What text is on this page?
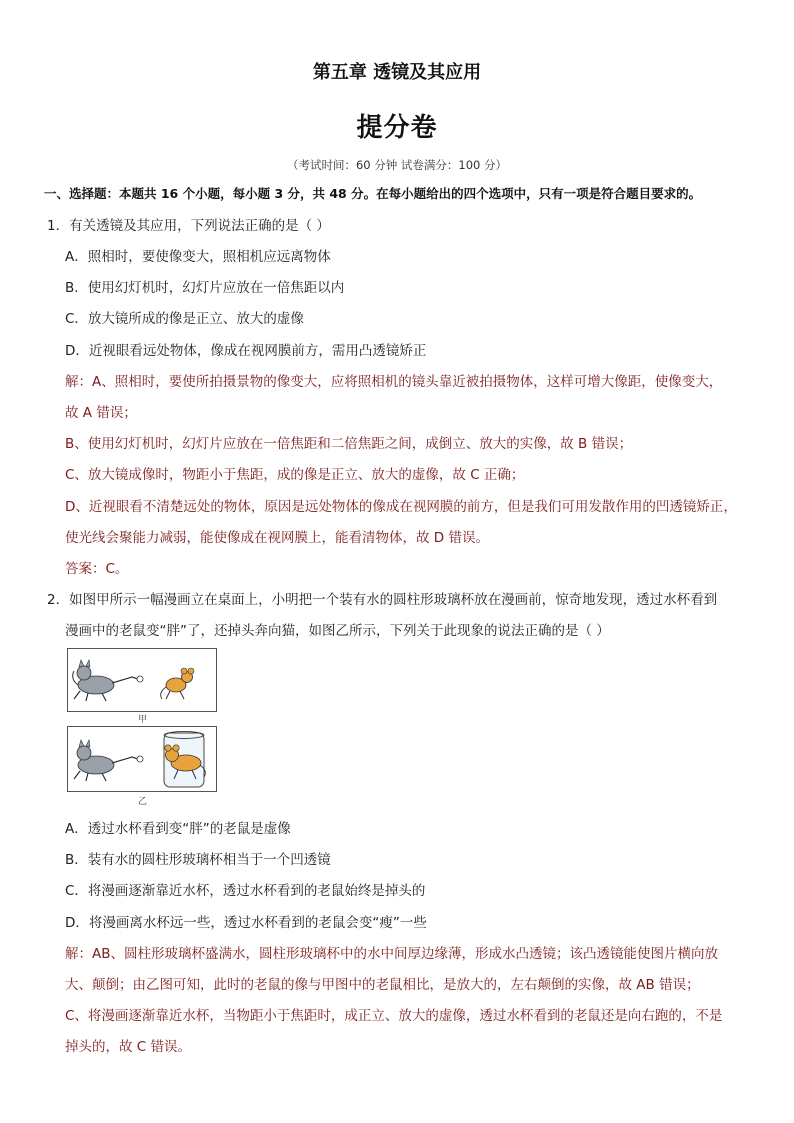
第五章 透镜及其应用
提分卷
（考试时间：60 分钟 试卷满分：100 分）
一、选择题：本题共 16 个小题，每小题 3 分，共 48 分。在每小题给出的四个选项中，只有一项是符合题目要求的。
1．有关透镜及其应用，下列说法正确的是（ ）
A．照相时，要使像变大，照相机应远离物体
B．使用幻灯机时，幻灯片应放在一倍焦距以内
C．放大镜所成的像是正立、放大的虚像
D．近视眼看远处物体，像成在视网膜前方，需用凸透镜矫正
解：A、照相时，要使所拍摄景物的像变大，应将照相机的镜头靠近被拍摄物体，这样可增大像距，使像变大，
故 A 错误；
B、使用幻灯机时，幻灯片应放在一倍焦距和二倍焦距之间，成倒立、放大的实像，故 B 错误；
C、放大镜成像时，物距小于焦距，成的像是正立、放大的虚像，故 C 正确；
D、近视眼看不清楚远处的物体，原因是远处物体的像成在视网膜的前方，但是我们可用发散作用的凹透镜矫正，
使光线会聚能力减弱，能使像成在视网膜上，能看清物体，故 D 错误。
答案：C。
2．如图甲所示一幅漫画立在桌面上，小明把一个装有水的圆柱形玻璃杯放在漫画前，惊奇地发现，透过水杯看到
漫画中的老鼠变“胖”了，还掉头奔向猫，如图乙所示，下列关于此现象的说法正确的是（ ）
甲
乙
A．透过水杯看到变“胖”的老鼠是虚像
B．装有水的圆柱形玻璃杯相当于一个凹透镜
C．将漫画逐渐靠近水杯，透过水杯看到的老鼠始终是掉头的
D．将漫画离水杯远一些，透过水杯看到的老鼠会变“瘦”一些
解：AB、圆柱形玻璃杯盛满水，圆柱形玻璃杯中的水中间厚边缘薄，形成水凸透镜；该凸透镜能使图片横向放
大、颠倒；由乙图可知，此时的老鼠的像与甲图中的老鼠相比，是放大的，左右颠倒的实像，故 AB 错误；
C、将漫画逐渐靠近水杯，当物距小于焦距时，成正立、放大的虚像，透过水杯看到的老鼠还是向右跑的，不是
掉头的，故 C 错误。
